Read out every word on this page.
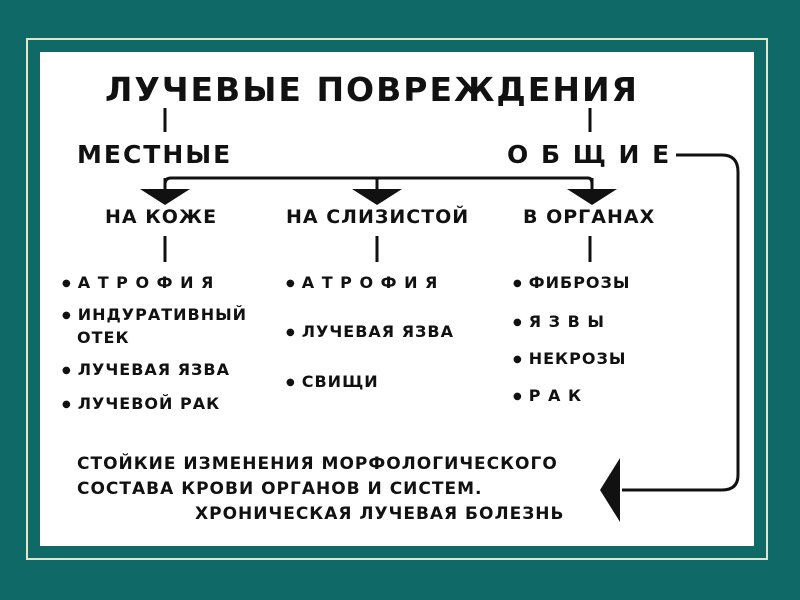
ЛУЧЕВЫЕ ПОВРЕЖДЕНИЯ
МЕСТНЫЕ	О Б Щ И Е
НА КОЖЕ	НА СЛИЗИСТОЙ	В ОРГАНАХ
● А Т Р О Ф И Я
● ИНДУРАТИВНЫЙ
ОТЕК
● ЛУЧЕВАЯ ЯЗВА
● ЛУЧЕВОЙ РАК
● А Т Р О Ф И Я
● ЛУЧЕВАЯ ЯЗВА
● СВИЩИ
● ФИБРОЗЫ
● Я З В Ы
● НЕКРОЗЫ
● Р А К
СТОЙКИЕ ИЗМЕНЕНИЯ МОРФОЛОГИЧЕСКОГО
СОСТАВА КРОВИ ОРГАНОВ И СИСТЕМ.
ХРОНИЧЕСКАЯ ЛУЧЕВАЯ БОЛЕЗНЬ
